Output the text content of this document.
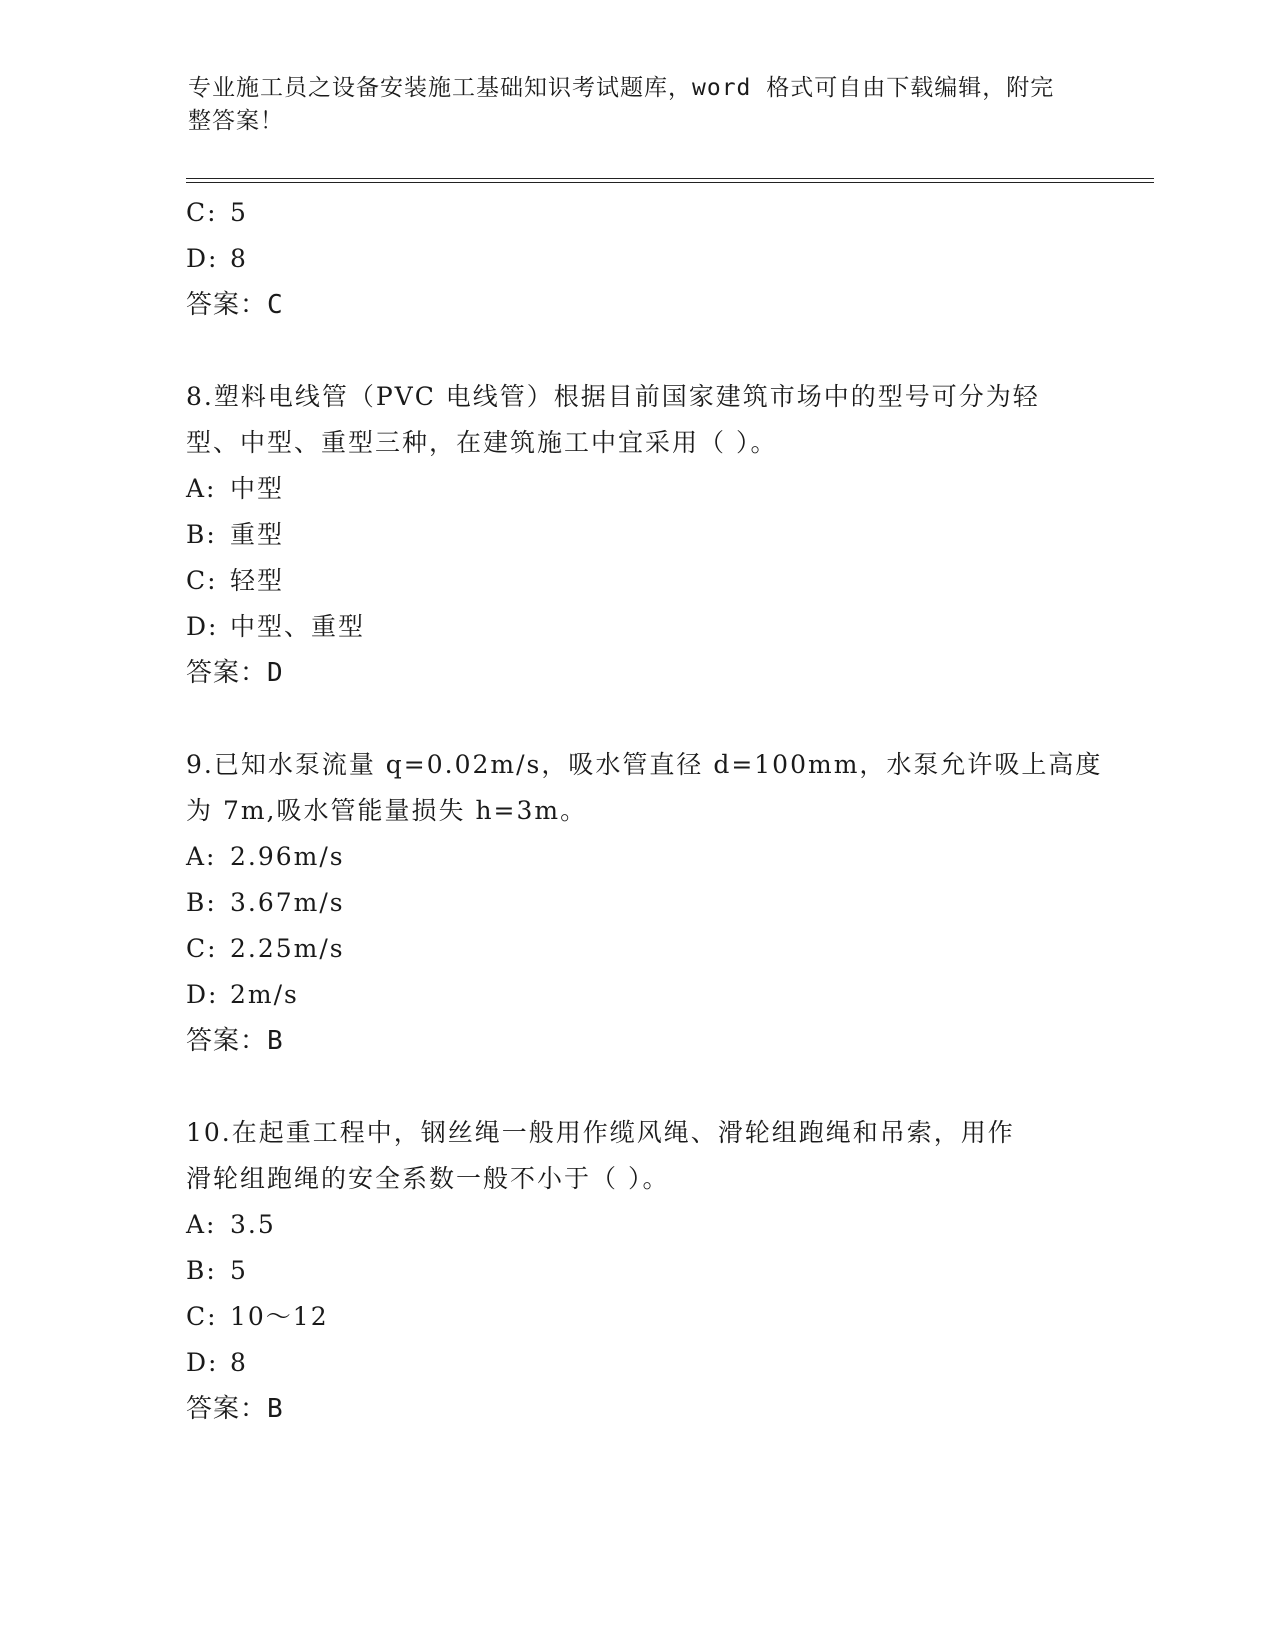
专业施工员之设备安装施工基础知识考试题库，word 格式可自由下载编辑，附完
整答案！
C: 5
D: 8
答案：C
8.塑料电线管（PVC 电线管）根据目前国家建筑市场中的型号可分为轻
型、中型、重型三种，在建筑施工中宜采用（ ）。
A: 中型
B: 重型
C: 轻型
D: 中型、重型
答案：D
9.已知水泵流量 q=0.02m/s，吸水管直径 d=100mm，水泵允许吸上高度
为 7m,吸水管能量损失 h=3m。
A: 2.96m/s
B: 3.67m/s
C: 2.25m/s
D: 2m/s
答案：B
10.在起重工程中，钢丝绳一般用作缆风绳、滑轮组跑绳和吊索，用作
滑轮组跑绳的安全系数一般不小于（ ）。
A: 3.5
B: 5
C: 10～12
D: 8
答案：B
